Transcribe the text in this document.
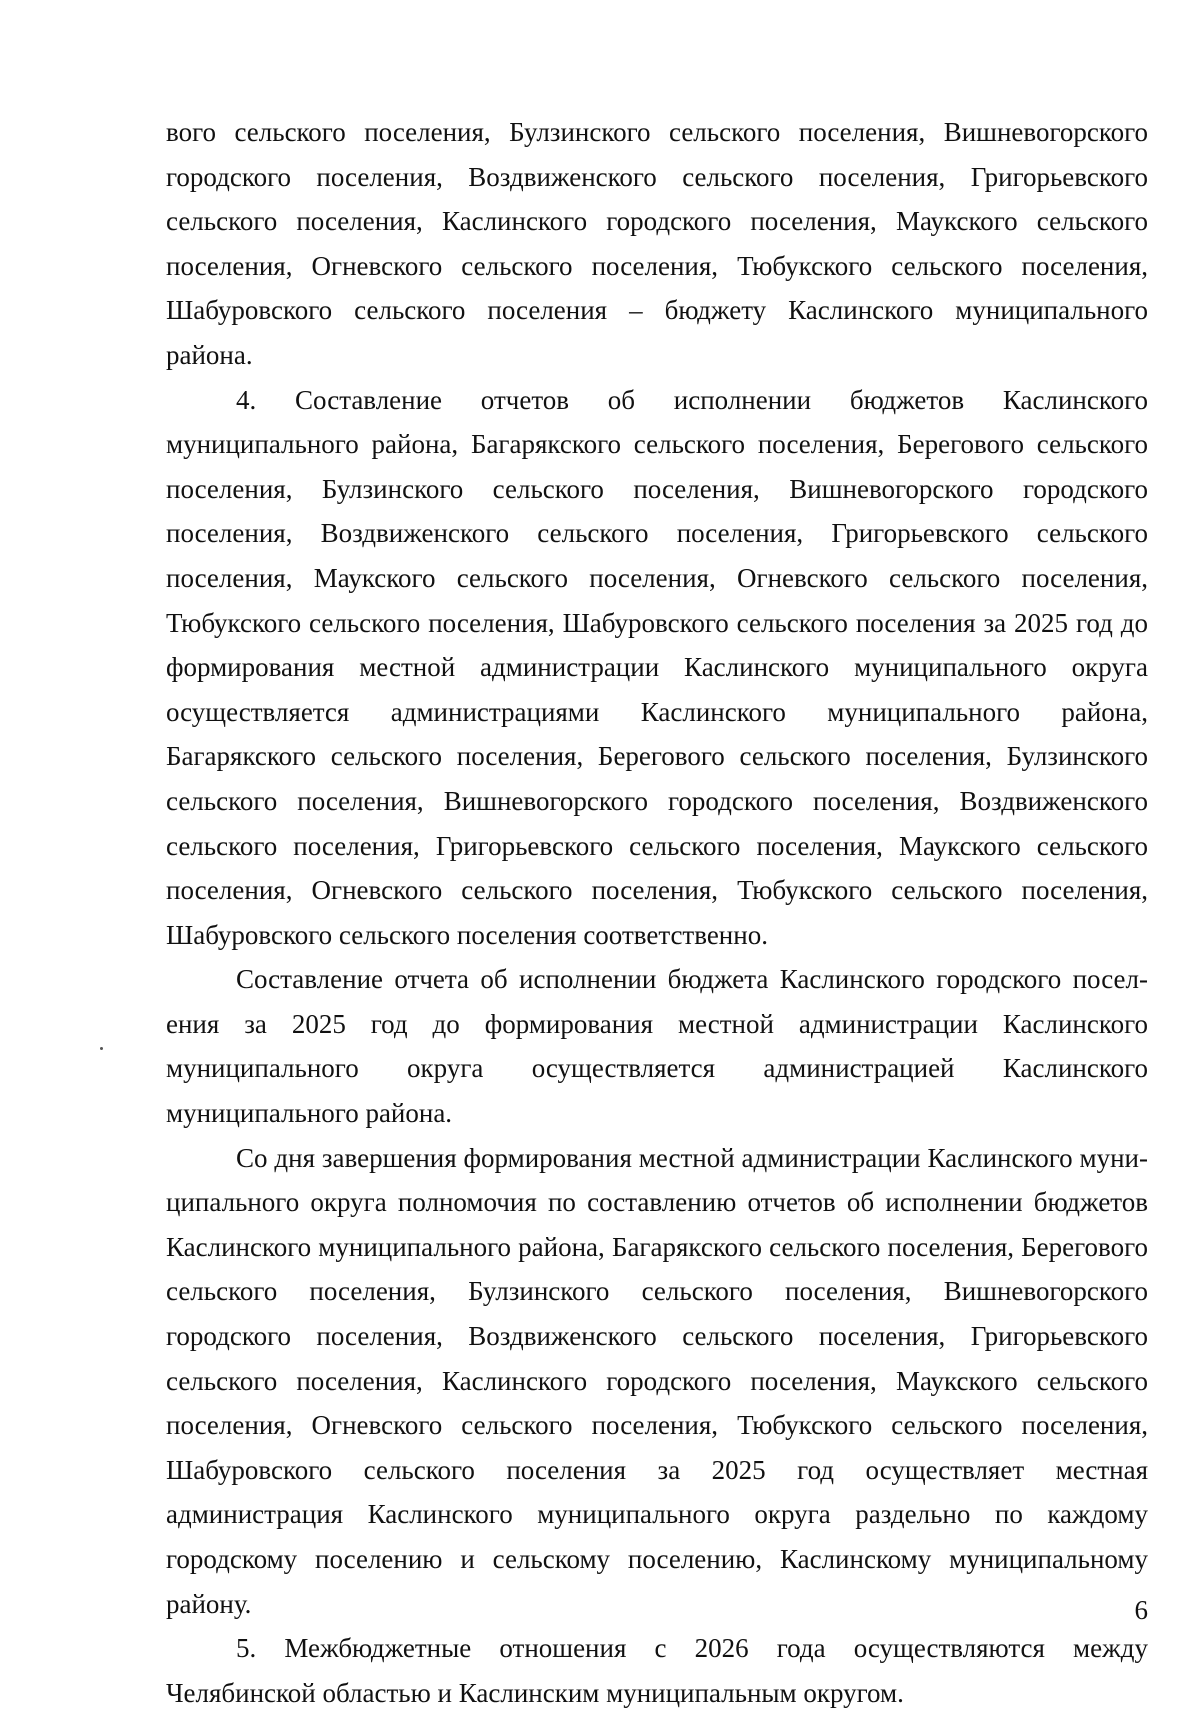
вого сельского поселения, Булзинского сельского поселения, Вишневогорского городского поселения, Воздвиженского сельского поселения, Григорьевского сельского поселения, Каслинского городского поселения, Маукского сельского поселения, Огневского сельского поселения, Тюбукского сельского поселения, Шабуровского сельского поселения – бюджету Каслинского муниципального района.

4. Составление отчетов об исполнении бюджетов Каслинского муниципального района, Багарякского сельского поселения, Берегового сельского поселения, Булзинского сельского поселения, Вишневогорского городского поселения, Воздвиженского сельского поселения, Григорьевского сельского поселения, Маукского сельского поселения, Огневского сельского поселения, Тюбукского сельского поселения, Шабуровского сельского поселения за 2025 год до формирования местной администрации Каслинского муниципального округа осуществляется администрациями Каслинского муниципального района, Багарякского сельского поселения, Берегового сельского поселения, Булзинского сельского поселения, Вишневогорского городского поселения, Воздвиженского сельского поселения, Григорьевского сельского поселения, Маукского сельского поселения, Огневского сельского поселения, Тюбукского сельского поселения, Шабуровского сельского поселения соответственно.

Составление отчета об исполнении бюджета Каслинского городского поселения за 2025 год до формирования местной администрации Каслинского муниципального округа осуществляется администрацией Каслинского муниципального района.

Со дня завершения формирования местной администрации Каслинского муниципального округа полномочия по составлению отчетов об исполнении бюджетов Каслинского муниципального района, Багарякского сельского поселения, Берегового сельского поселения, Булзинского сельского поселения, Вишневогорского городского поселения, Воздвиженского сельского поселения, Григорьевского сельского поселения, Каслинского городского поселения, Маукского сельского поселения, Огневского сельского поселения, Тюбукского сельского поселения, Шабуровского сельского поселения за 2025 год осуществляет местная администрация Каслинского муниципального округа раздельно по каждому городскому поселению и сельскому поселению, Каслинскому муниципальному району.

5. Межбюджетные отношения с 2026 года осуществляются между Челябинской областью и Каслинским муниципальным округом.

6
